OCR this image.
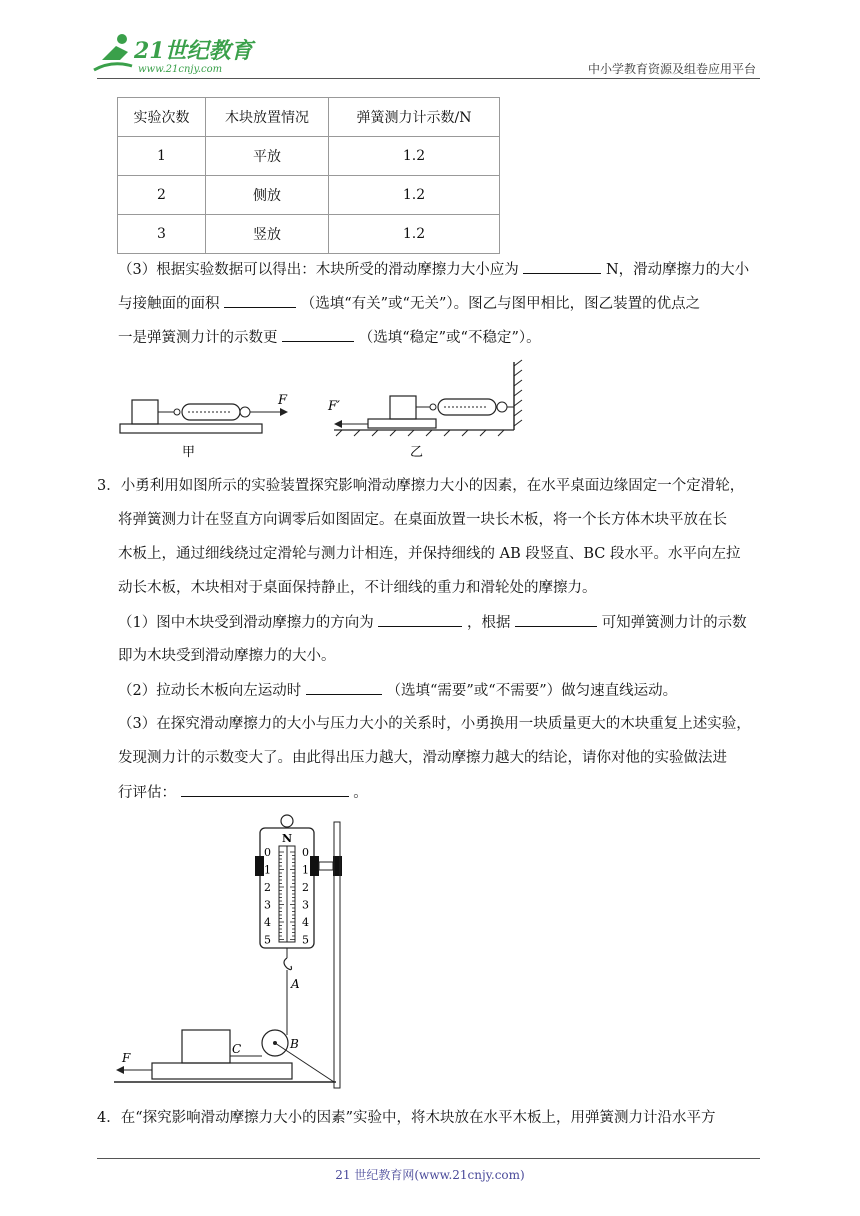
21世纪教育
www.21cnjy.com	中小学教育资源及组卷应用平台
实验次数	木块放置情况	弹簧测力计示数/N
1	平放	1.2
2	侧放	1.2
3	竖放	1.2
（3）根据实验数据可以得出：木块所受的滑动摩擦力大小应为	N，滑动摩擦力的大小
与接触面的面积	（选填“有关”或“无关”）。图乙与图甲相比，图乙装置的优点之
一是弹簧测力计的示数更	（选填“稳定”或“不稳定”）。
F
甲
F′
乙
3．小勇利用如图所示的实验装置探究影响滑动摩擦力大小的因素，在水平桌面边缘固定一个定滑轮，
将弹簧测力计在竖直方向调零后如图固定。在桌面放置一块长木板，将一个长方体木块平放在长
木板上，通过细线绕过定滑轮与测力计相连，并保持细线的 AB 段竖直、BC 段水平。水平向左拉
动长木板，木块相对于桌面保持静止，不计细线的重力和滑轮处的摩擦力。
（1）图中木块受到滑动摩擦力的方向为	，根据	可知弹簧测力计的示数
即为木块受到滑动摩擦力的大小。
（2）拉动长木板向左运动时	（选填“需要”或“不需要”）做匀速直线运动。
（3）在探究滑动摩擦力的大小与压力大小的关系时，小勇换用一块质量更大的木块重复上述实验，
发现测力计的示数变大了。由此得出压力越大，滑动摩擦力越大的结论，请你对他的实验做法进
行评估：	。
N
0	0
1	1
2	2
3	3
4	4
5	5
A
B
C
F
4．在“探究影响滑动摩擦力大小的因素”实验中，将木块放在水平木板上，用弹簧测力计沿水平方
21 世纪教育网(www.21cnjy.com)
